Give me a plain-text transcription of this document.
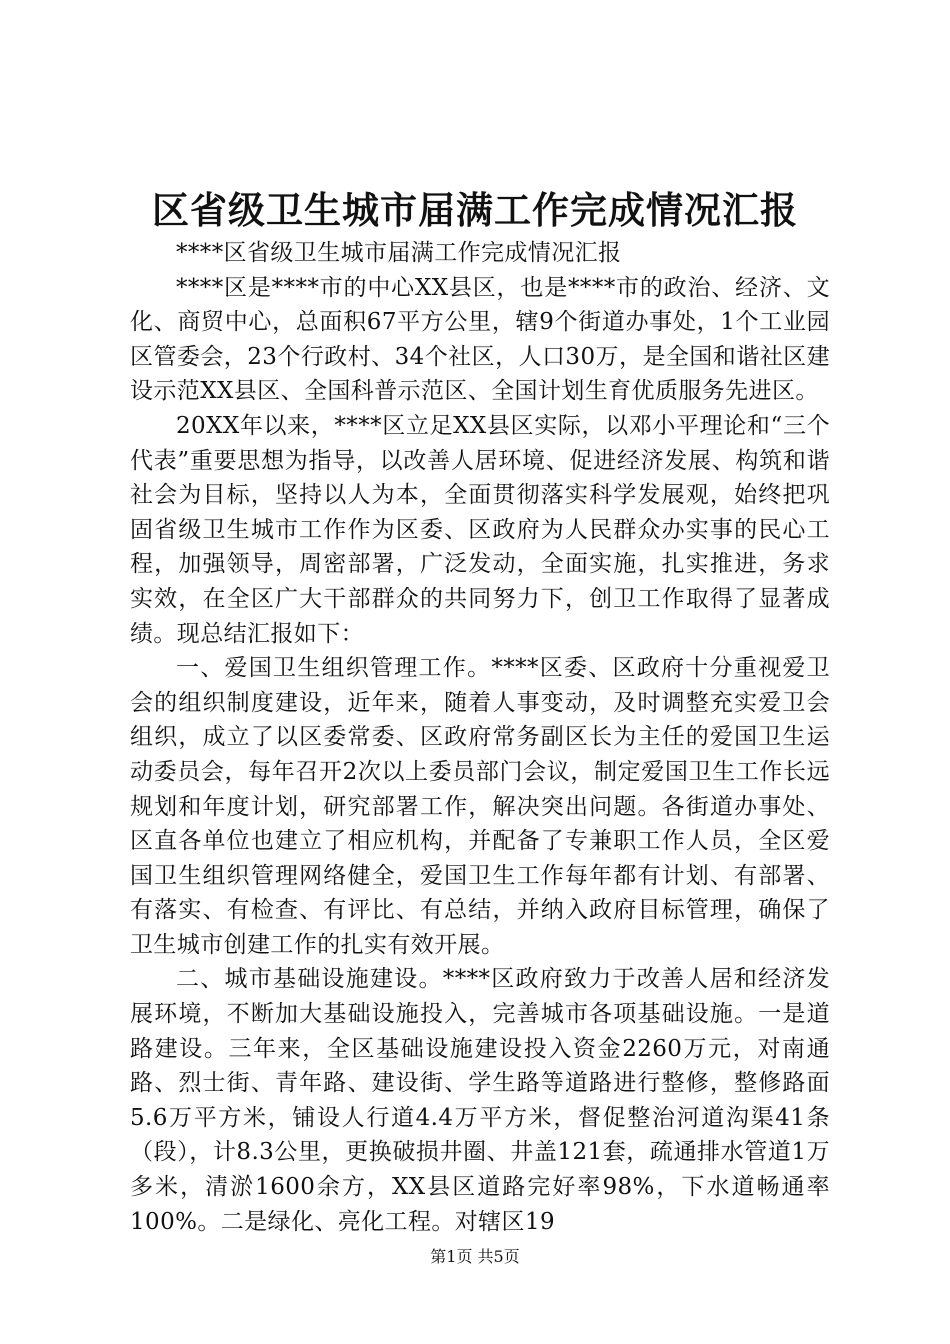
区省级卫生城市届满工作完成情况汇报

****区省级卫生城市届满工作完成情况汇报

****区是****市的中心XX县区，也是****市的政治、经济、文化、商贸中心，总面积67平方公里，辖9个街道办事处，1个工业园区管委会，23个行政村、34个社区，人口30万，是全国和谐社区建设示范XX县区、全国科普示范区、全国计划生育优质服务先进区。

20XX年以来，****区立足XX县区实际，以邓小平理论和“三个代表”重要思想为指导，以改善人居环境、促进经济发展、构筑和谐社会为目标，坚持以人为本，全面贯彻落实科学发展观，始终把巩固省级卫生城市工作作为区委、区政府为人民群众办实事的民心工程，加强领导，周密部署，广泛发动，全面实施，扎实推进，务求实效，在全区广大干部群众的共同努力下，创卫工作取得了显著成绩。现总结汇报如下：

一、爱国卫生组织管理工作。****区委、区政府十分重视爱卫会的组织制度建设，近年来，随着人事变动，及时调整充实爱卫会组织，成立了以区委常委、区政府常务副区长为主任的爱国卫生运动委员会，每年召开2次以上委员部门会议，制定爱国卫生工作长远规划和年度计划，研究部署工作，解决突出问题。各街道办事处、区直各单位也建立了相应机构，并配备了专兼职工作人员，全区爱国卫生组织管理网络健全，爱国卫生工作每年都有计划、有部署、有落实、有检查、有评比、有总结，并纳入政府目标管理，确保了卫生城市创建工作的扎实有效开展。

二、城市基础设施建设。****区政府致力于改善人居和经济发展环境，不断加大基础设施投入，完善城市各项基础设施。一是道路建设。三年来，全区基础设施建设投入资金2260万元，对南通路、烈士街、青年路、建设街、学生路等道路进行整修，整修路面5.6万平方米，铺设人行道4.4万平方米，督促整治河道沟渠41条（段），计8.3公里，更换破损井圈、井盖121套，疏通排水管道1万多米，清淤1600余方，XX县区道路完好率98%，下水道畅通率100%。二是绿化、亮化工程。对辖区19

第1页 共5页
